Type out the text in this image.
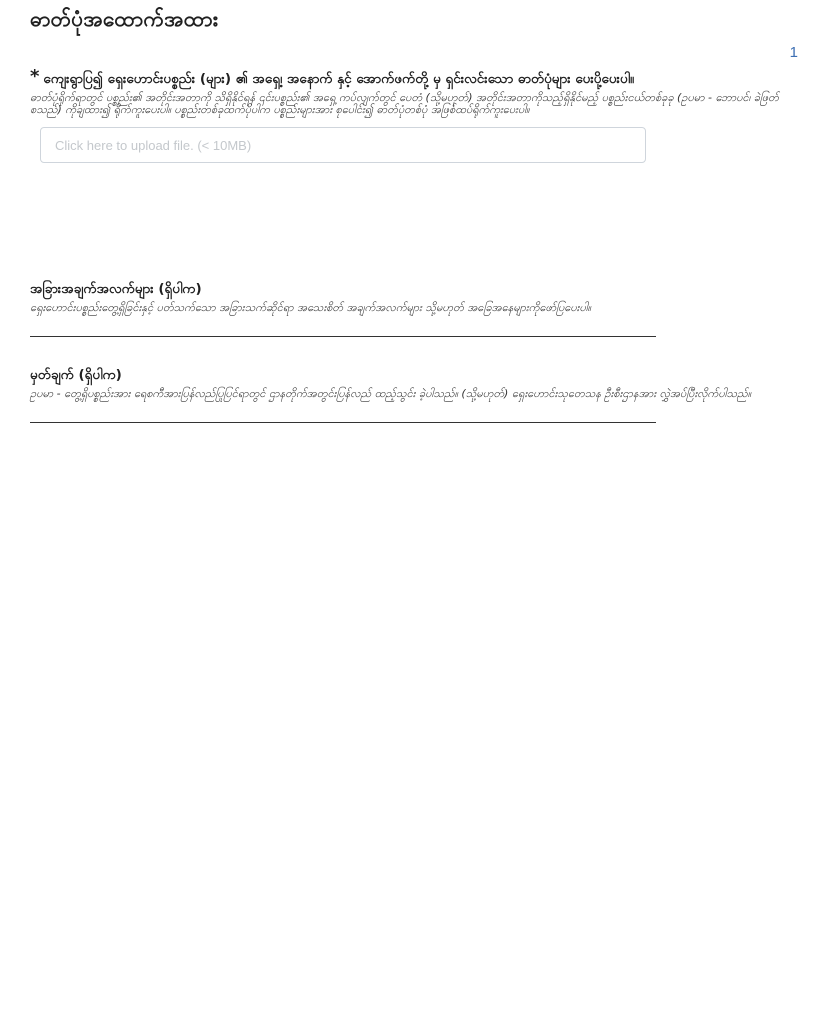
ဓာတ်ပုံအထောက်အထား
1
* ကျေးရွာပြ၍ ရှေးဟောင်းပစ္စည်း (များ) ၏ အရှေ့၊ အနောက် နှင့် အောက်ဖက်တို့ မှ ရှင်းလင်းသော ဓာတ်ပုံများ ပေးပို့ပေးပါ။
ဓာတ်ပုံရိုက်ရာတွင် ပစ္စည်း၏ အတိုင်းအတာကို သိရှိနိုင်ရန် ၎င်းပစ္စည်း၏ အရှေ့ ကပ်လျက်တွင် ပေတံ (သို့မဟုတ်) အတိုင်းအတာကိုသည့်ရှိနိုင်မည့် ပစ္စည်းငယ်တစ်ခုခု (ဥပမာ - ဘောပင်၊ ခဲဖြတ် စသည်) ကိုချထား၍ ရိုက်ကူးပေးပါ။ ပစ္စည်းတစ်ခုထက်ပိုပါက ပစ္စည်းများအား စုပေါင်း၍ ဓာတ်ပုံတစ်ပုံ အဖြစ်ထပ်ရိုက်ကူးပေးပါ။
Click here to upload file. (< 10MB)
အခြားအချက်အလက်များ (ရှိပါက)
ရှေးဟောင်းပစ္စည်းတွေ့ရှိခြင်းနှင့် ပတ်သက်သော အခြားသက်ဆိုင်ရာ အသေးစိတ် အချက်အလက်များ သို့မဟုတ် အခြေအနေများကိုဖော်ပြပေးပါ။
မှတ်ချက် (ရှိပါက)
ဥပမာ - တွေ့ရှိပစ္စည်းအား ရေစကီအားပြန်လည်ပြုပြင်ရာတွင် ဌာနတိုက်အတွင်းပြန်လည် ထည့်သွင်း ခဲ့ပါသည်။ (သို့မဟုတ်) ရှေးဟောင်းသုတေသန ဦးစီးဌာနအား လွှဲအပ်ပြီးလိုက်ပါသည်။
